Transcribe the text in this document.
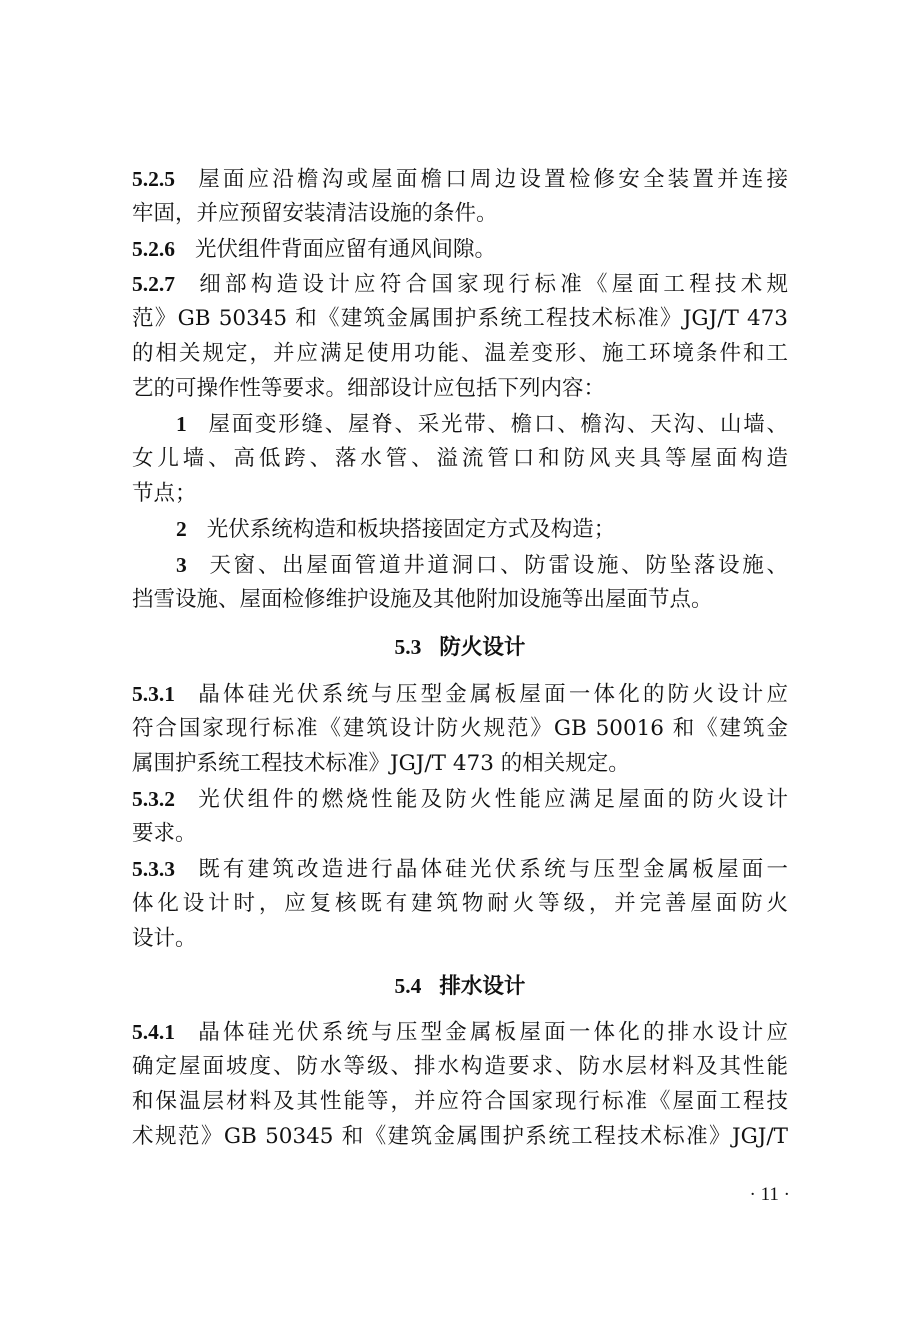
5.2.5 屋面应沿檐沟或屋面檐口周边设置检修安全装置并连接
牢固，并应预留安装清洁设施的条件。
5.2.6 光伏组件背面应留有通风间隙。
5.2.7 细部构造设计应符合国家现行标准《屋面工程技术规
范》GB 50345 和《建筑金属围护系统工程技术标准》JGJ/T 473
的相关规定，并应满足使用功能、温差变形、施工环境条件和工
艺的可操作性等要求。细部设计应包括下列内容：
1 屋面变形缝、屋脊、采光带、檐口、檐沟、天沟、山墙、
女儿墙、高低跨、落水管、溢流管口和防风夹具等屋面构造
节点；
2 光伏系统构造和板块搭接固定方式及构造；
3 天窗、出屋面管道井道洞口、防雷设施、防坠落设施、
挡雪设施、屋面检修维护设施及其他附加设施等出屋面节点。
5.3 防火设计
5.3.1 晶体硅光伏系统与压型金属板屋面一体化的防火设计应
符合国家现行标准《建筑设计防火规范》GB 50016 和《建筑金
属围护系统工程技术标准》JGJ/T 473 的相关规定。
5.3.2 光伏组件的燃烧性能及防火性能应满足屋面的防火设计
要求。
5.3.3 既有建筑改造进行晶体硅光伏系统与压型金属板屋面一
体化设计时，应复核既有建筑物耐火等级，并完善屋面防火
设计。
5.4 排水设计
5.4.1 晶体硅光伏系统与压型金属板屋面一体化的排水设计应
确定屋面坡度、防水等级、排水构造要求、防水层材料及其性能
和保温层材料及其性能等，并应符合国家现行标准《屋面工程技
术规范》GB 50345 和《建筑金属围护系统工程技术标准》JGJ/T
· 11 ·
